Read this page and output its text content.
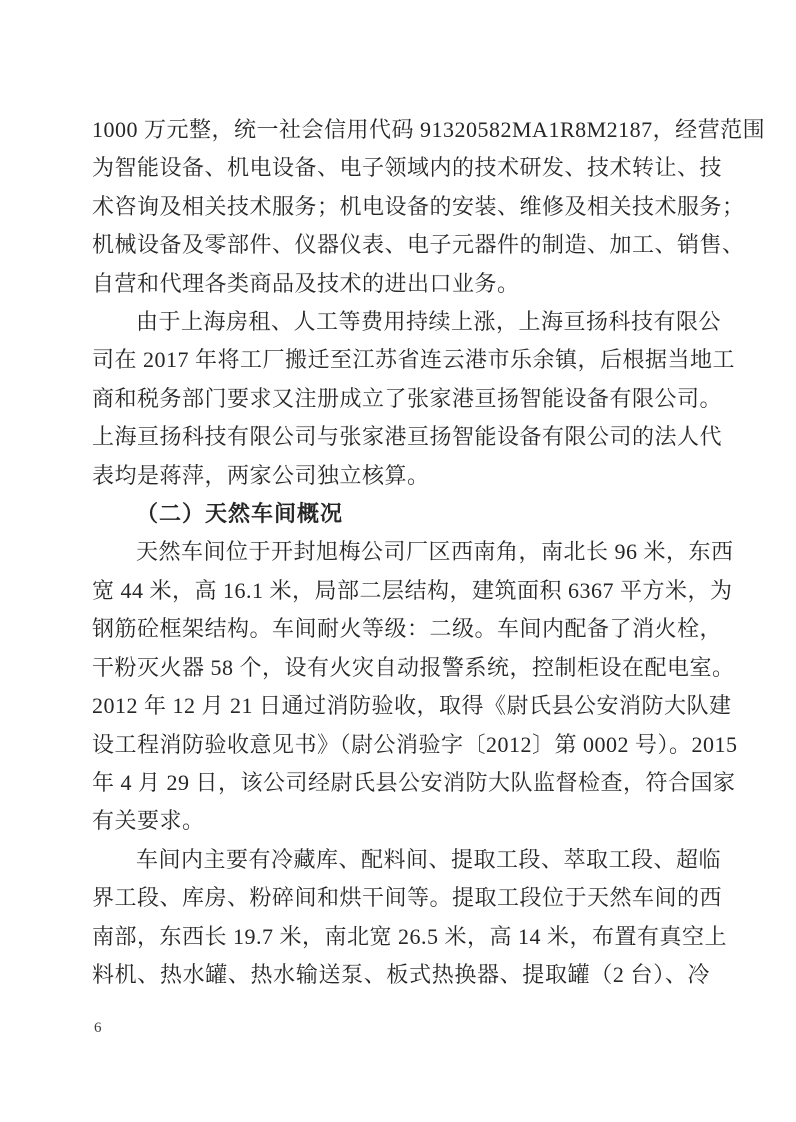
1000 万元整，统一社会信用代码 91320582MA1R8M2187，经营范围
为智能设备、机电设备、电子领域内的技术研发、技术转让、技
术咨询及相关技术服务；机电设备的安装、维修及相关技术服务；
机械设备及零部件、仪器仪表、电子元器件的制造、加工、销售、
自营和代理各类商品及技术的进出口业务。
由于上海房租、人工等费用持续上涨，上海亘扬科技有限公
司在 2017 年将工厂搬迁至江苏省连云港市乐余镇，后根据当地工
商和税务部门要求又注册成立了张家港亘扬智能设备有限公司。
上海亘扬科技有限公司与张家港亘扬智能设备有限公司的法人代
表均是蒋萍，两家公司独立核算。
（二）天然车间概况
天然车间位于开封旭梅公司厂区西南角，南北长 96 米，东西
宽 44 米，高 16.1 米，局部二层结构，建筑面积 6367 平方米，为
钢筋砼框架结构。车间耐火等级：二级。车间内配备了消火栓，
干粉灭火器 58 个，设有火灾自动报警系统，控制柜设在配电室。
2012 年 12 月 21 日通过消防验收，取得《尉氏县公安消防大队建
设工程消防验收意见书》（尉公消验字〔2012〕第 0002 号）。2015
年 4 月 29 日，该公司经尉氏县公安消防大队监督检查，符合国家
有关要求。
车间内主要有冷藏库、配料间、提取工段、萃取工段、超临
界工段、库房、粉碎间和烘干间等。提取工段位于天然车间的西
南部，东西长 19.7 米，南北宽 26.5 米，高 14 米，布置有真空上
料机、热水罐、热水输送泵、板式热换器、提取罐（2 台）、冷
6
